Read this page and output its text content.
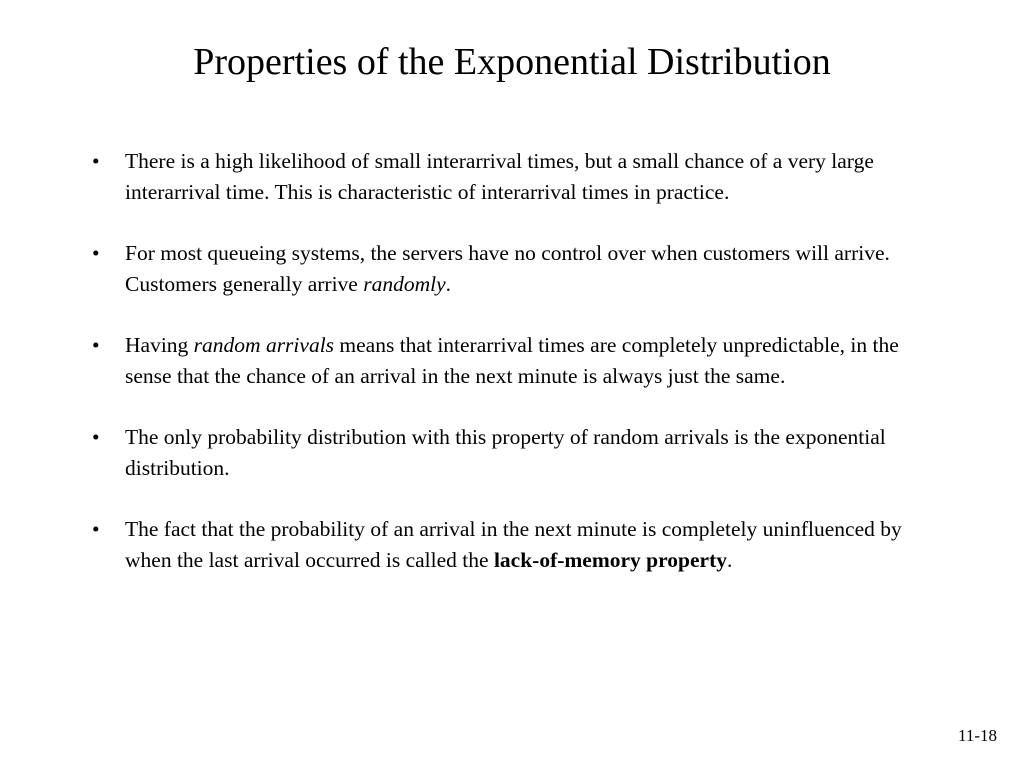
Properties of the Exponential Distribution
• There is a high likelihood of small interarrival times, but a small chance of a very large interarrival time. This is characteristic of interarrival times in practice.
• For most queueing systems, the servers have no control over when customers will arrive. Customers generally arrive randomly.
• Having random arrivals means that interarrival times are completely unpredictable, in the sense that the chance of an arrival in the next minute is always just the same.
• The only probability distribution with this property of random arrivals is the exponential distribution.
• The fact that the probability of an arrival in the next minute is completely uninfluenced by when the last arrival occurred is called the lack-of-memory property.
11-18
